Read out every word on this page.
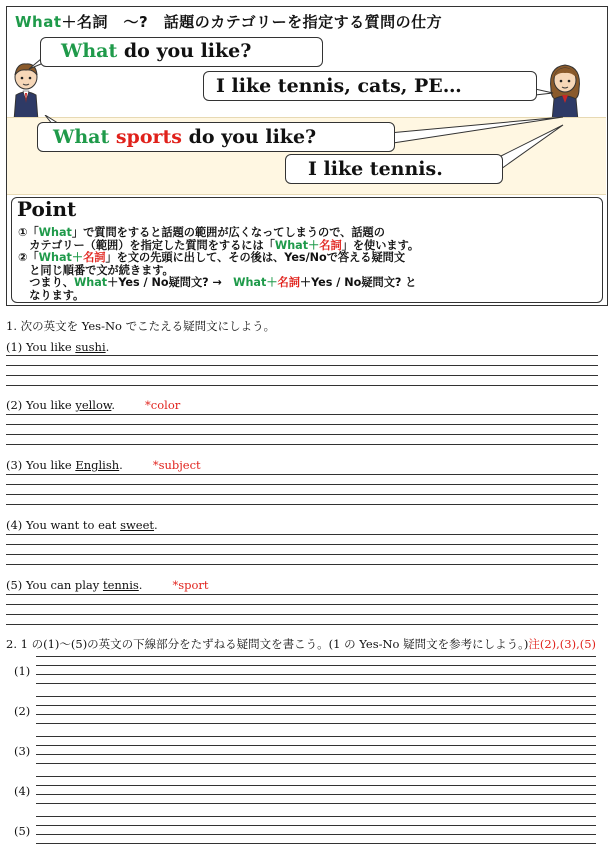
What＋名詞　～?　話題のカテゴリーを指定する質問の仕方
What do you like?
I like tennis, cats, PE…
What sports do you like?
I like tennis.
Point
①「What」で質問をすると話題の範囲が広くなってしまうので、話題の
　カテゴリー（範囲）を指定した質問をするには「What＋名詞」を使います。
②「What＋名詞」を文の先頭に出して、その後は、Yes/Noで答える疑問文
　と同じ順番で文が続きます。
　つまり、What＋Yes / No疑問文? →　What＋名詞＋Yes / No疑問文? と
　なります。
1. 次の英文を Yes-No でこたえる疑問文にしよう。
(1) You like sushi.
(2) You like yellow.	*color
(3) You like English.	*subject
(4) You want to eat sweet.
(5) You can play tennis.	*sport
2. 1 の(1)～(5)の英文の下線部分をたずねる疑問文を書こう。(1 の Yes-No 疑問文を参考にしよう。)注(2),(3),(5)
(1)
(2)
(3)
(4)
(5)
